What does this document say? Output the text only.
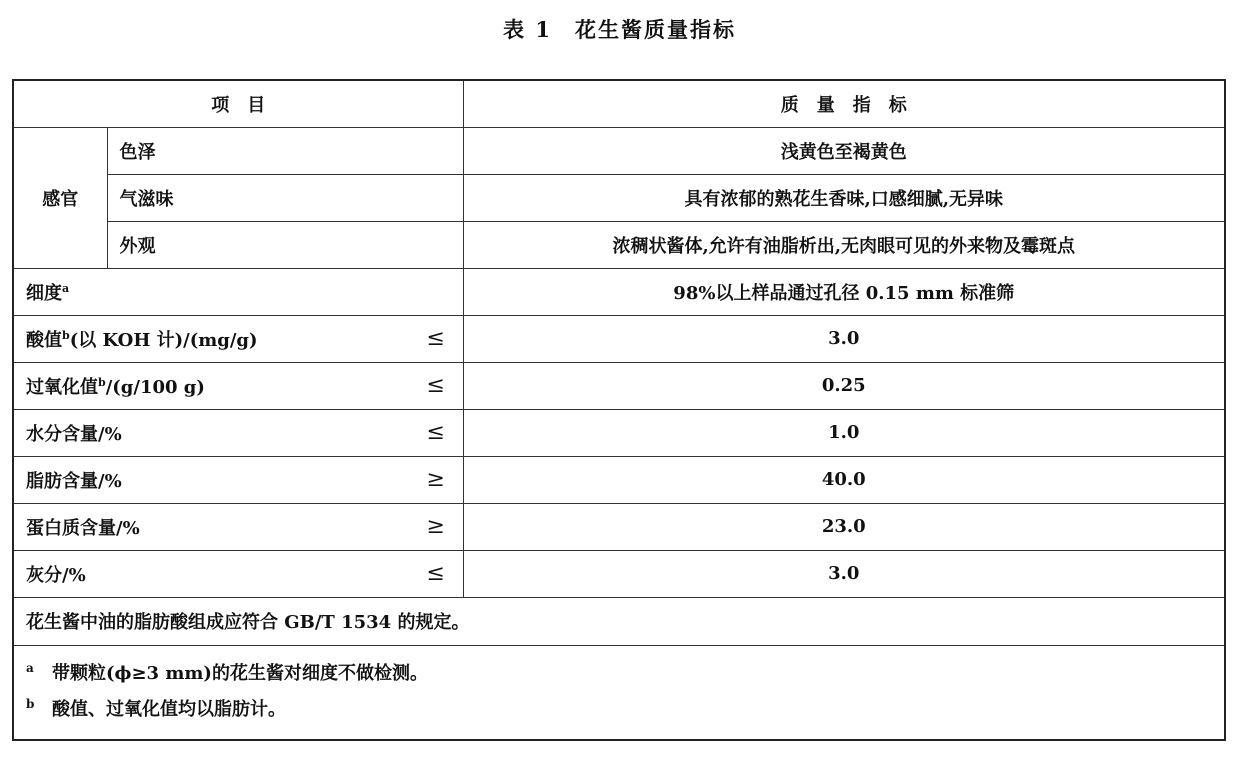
表 1　花生酱质量指标
项　目			质　量　指　标
感官	色泽		浅黄色至褐黄色
	气滋味		具有浓郁的熟花生香味,口感细腻,无异味
	外观		浓稠状酱体,允许有油脂析出,无肉眼可见的外来物及霉斑点
细度$^a$			98%以上样品通过孔径 0.15 mm 标准筛
酸值$^b$(以 KOH 计)/(mg/g)		≤	3.0
过氧化值$^b$/(g/100 g)		≤	0.25
水分含量/%		≤	1.0
脂肪含量/%		≥	40.0
蛋白质含量/%		≥	23.0
灰分/%		≤	3.0
花生酱中油的脂肪酸组成应符合 GB/T 1534 的规定。			

a 带颗粒(ϕ≥3 mm)的花生酱对细度不做检测。
b 酸值、过氧化值均以脂肪计。			
